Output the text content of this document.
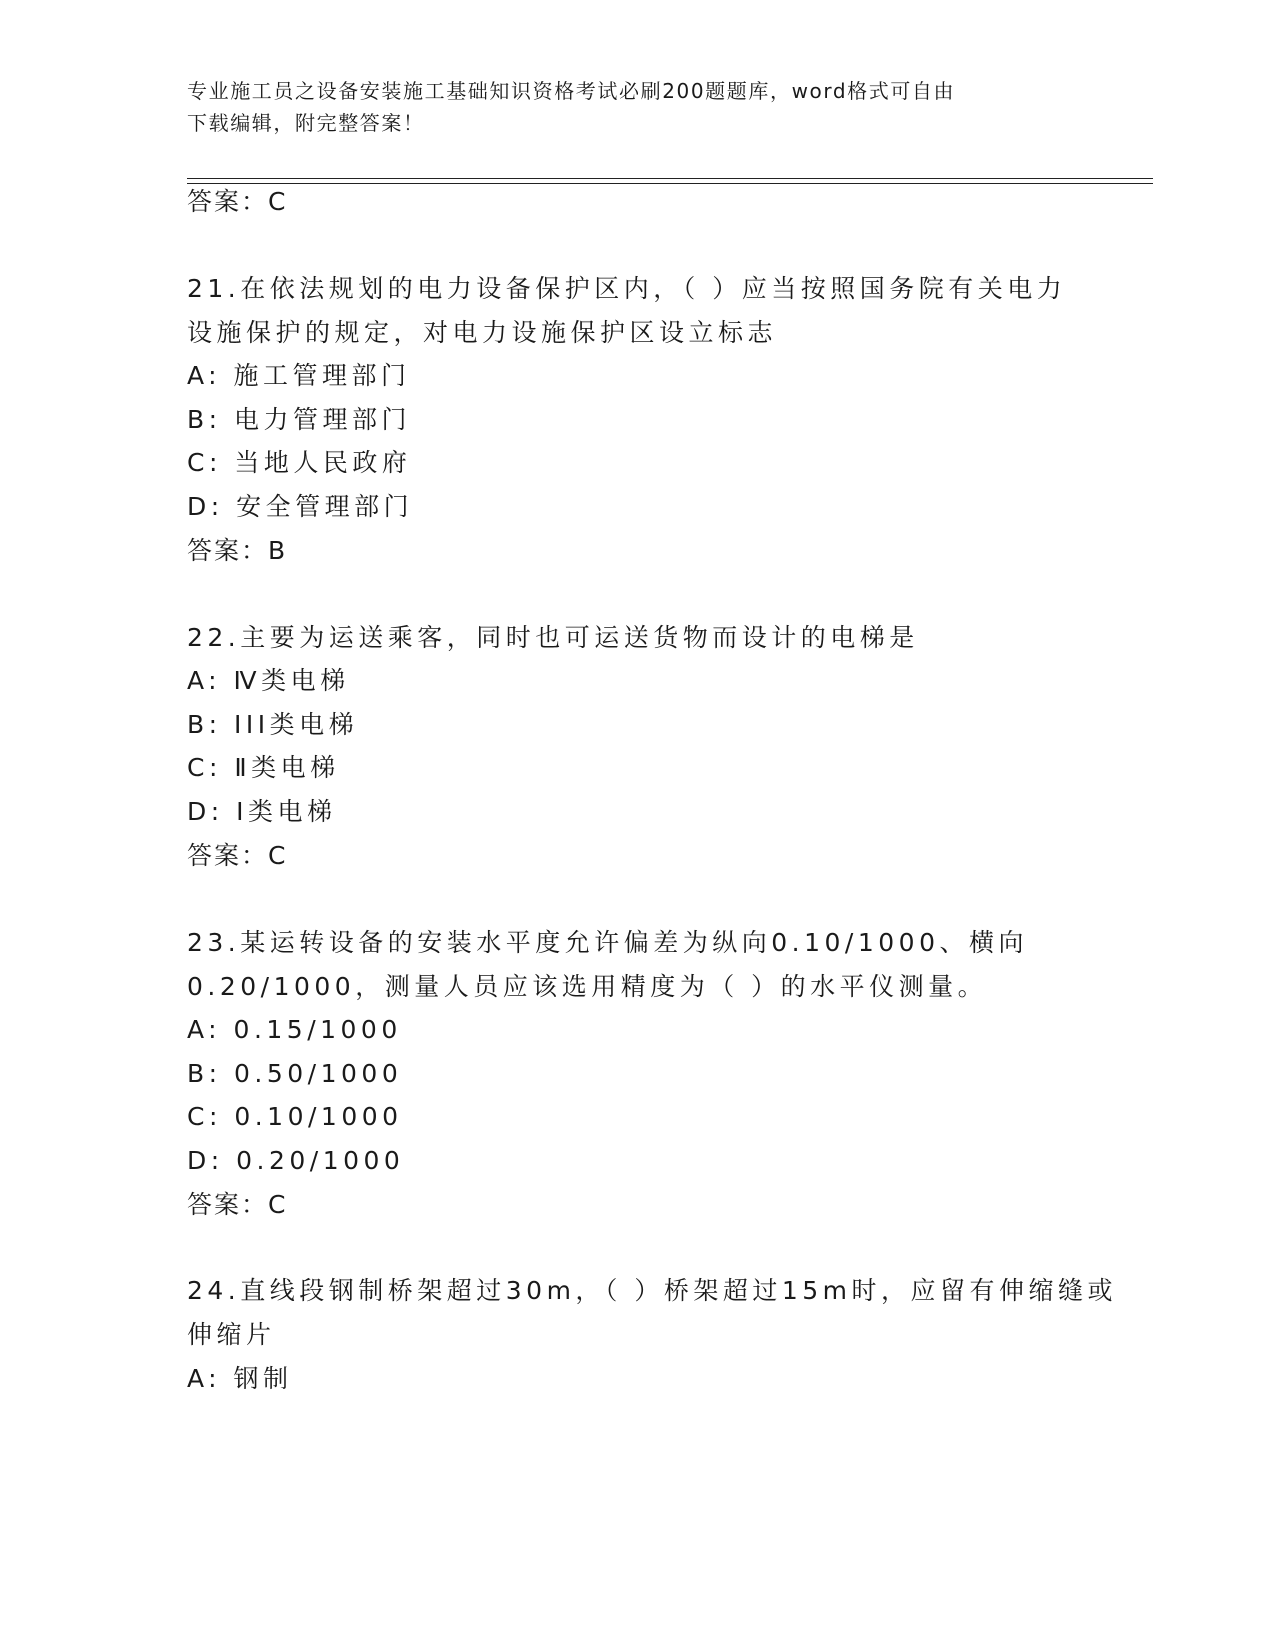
专业施工员之设备安装施工基础知识资格考试必刷200题题库，word格式可自由
下载编辑，附完整答案！
答案：C
21.在依法规划的电力设备保护区内，（ ）应当按照国务院有关电力
设施保护的规定，对电力设施保护区设立标志
A: 施工管理部门
B: 电力管理部门
C: 当地人民政府
D: 安全管理部门
答案：B
22.主要为运送乘客，同时也可运送货物而设计的电梯是
A: Ⅳ类电梯
B: III类电梯
C: Ⅱ类电梯
D: Ⅰ类电梯
答案：C
23.某运转设备的安装水平度允许偏差为纵向0.10/1000、横向
0.20/1000，测量人员应该选用精度为（ ）的水平仪测量。
A: 0.15/1000
B: 0.50/1000
C: 0.10/1000
D: 0.20/1000
答案：C
24.直线段钢制桥架超过30m，（ ）桥架超过15m时，应留有伸缩缝或
伸缩片
A: 钢制
